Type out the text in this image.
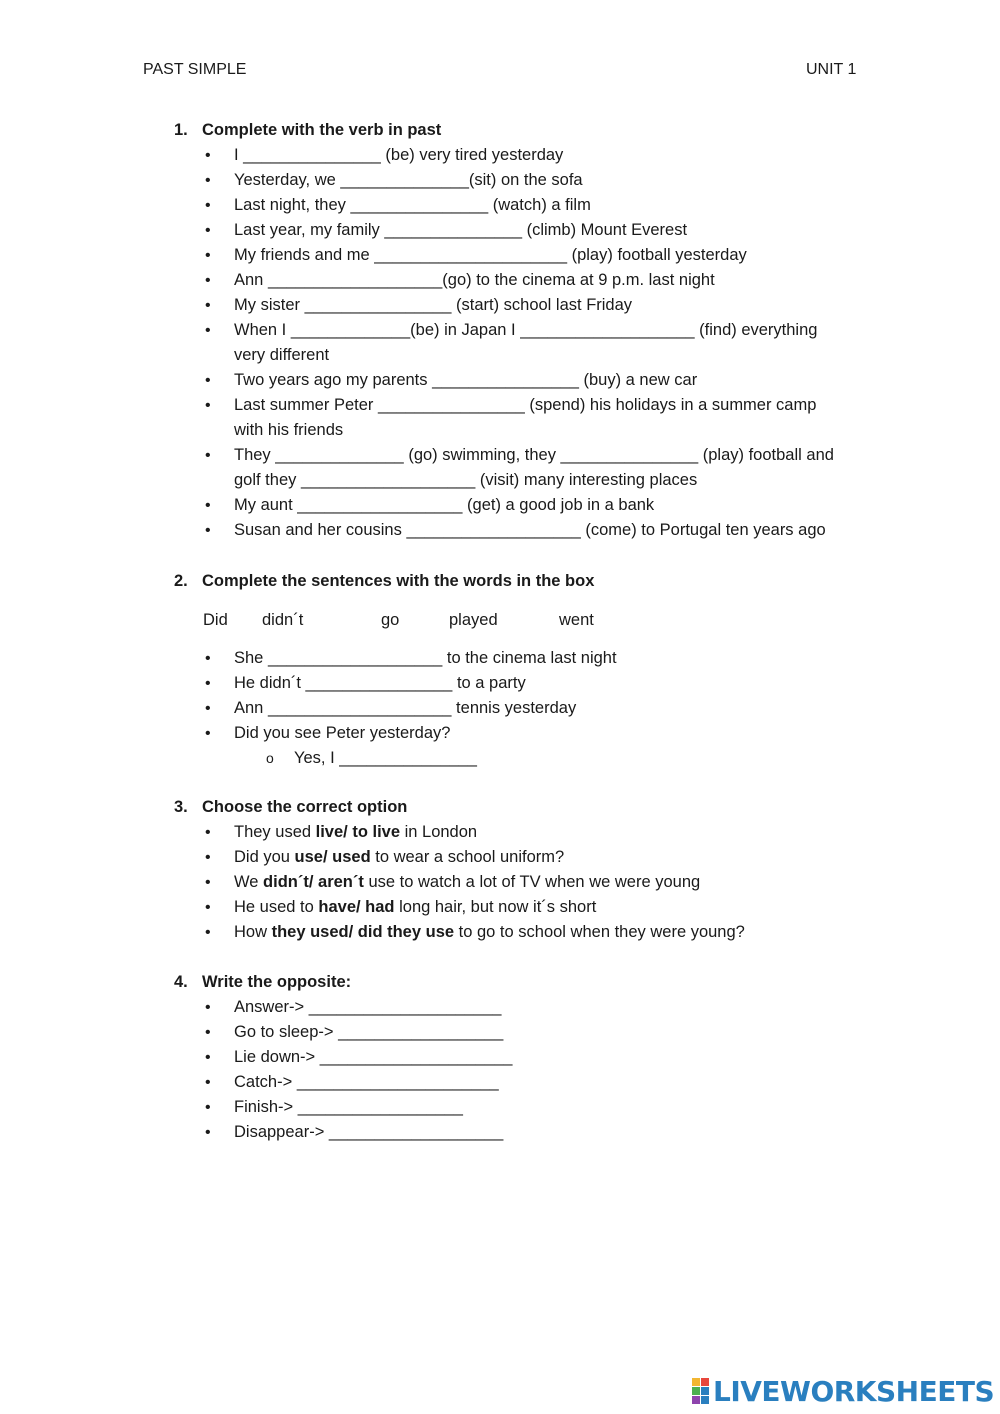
PAST SIMPLE	UNIT 1
1. Complete with the verb in past
• I _______________ (be) very tired yesterday
• Yesterday, we ______________(sit) on the sofa
• Last night, they _______________ (watch) a film
• Last year, my family _______________ (climb) Mount Everest
• My friends and me _____________________ (play) football yesterday
• Ann ___________________(go) to the cinema at 9 p.m. last night
• My sister ________________ (start) school last Friday
• When I _____________(be) in Japan I ___________________ (find) everything very different
• Two years ago my parents ________________ (buy) a new car
• Last summer Peter ________________ (spend) his holidays in a summer camp with his friends
• They ______________ (go) swimming, they _______________ (play) football and golf they ___________________ (visit) many interesting places
• My aunt __________________ (get) a good job in a bank
• Susan and her cousins ___________________ (come) to Portugal ten years ago
2. Complete the sentences with the words in the box
Did didn´t	go	played	went
• She ___________________ to the cinema last night
• He didn´t ________________ to a party
• Ann ____________________ tennis yesterday
• Did you see Peter yesterday?
o Yes, I _______________
3. Choose the correct option
• They used live/ to live in London
• Did you use/ used to wear a school uniform?
• We didn´t/ aren´t use to watch a lot of TV when we were young
• He used to have/ had long hair, but now it´s short
• How they used/ did they use to go to school when they were young?
4. Write the opposite:
• Answer-> _____________________
• Go to sleep-> __________________
• Lie down-> _____________________
• Catch-> ______________________
• Finish-> __________________
• Disappear-> ___________________
LIVEWORKSHEETS
